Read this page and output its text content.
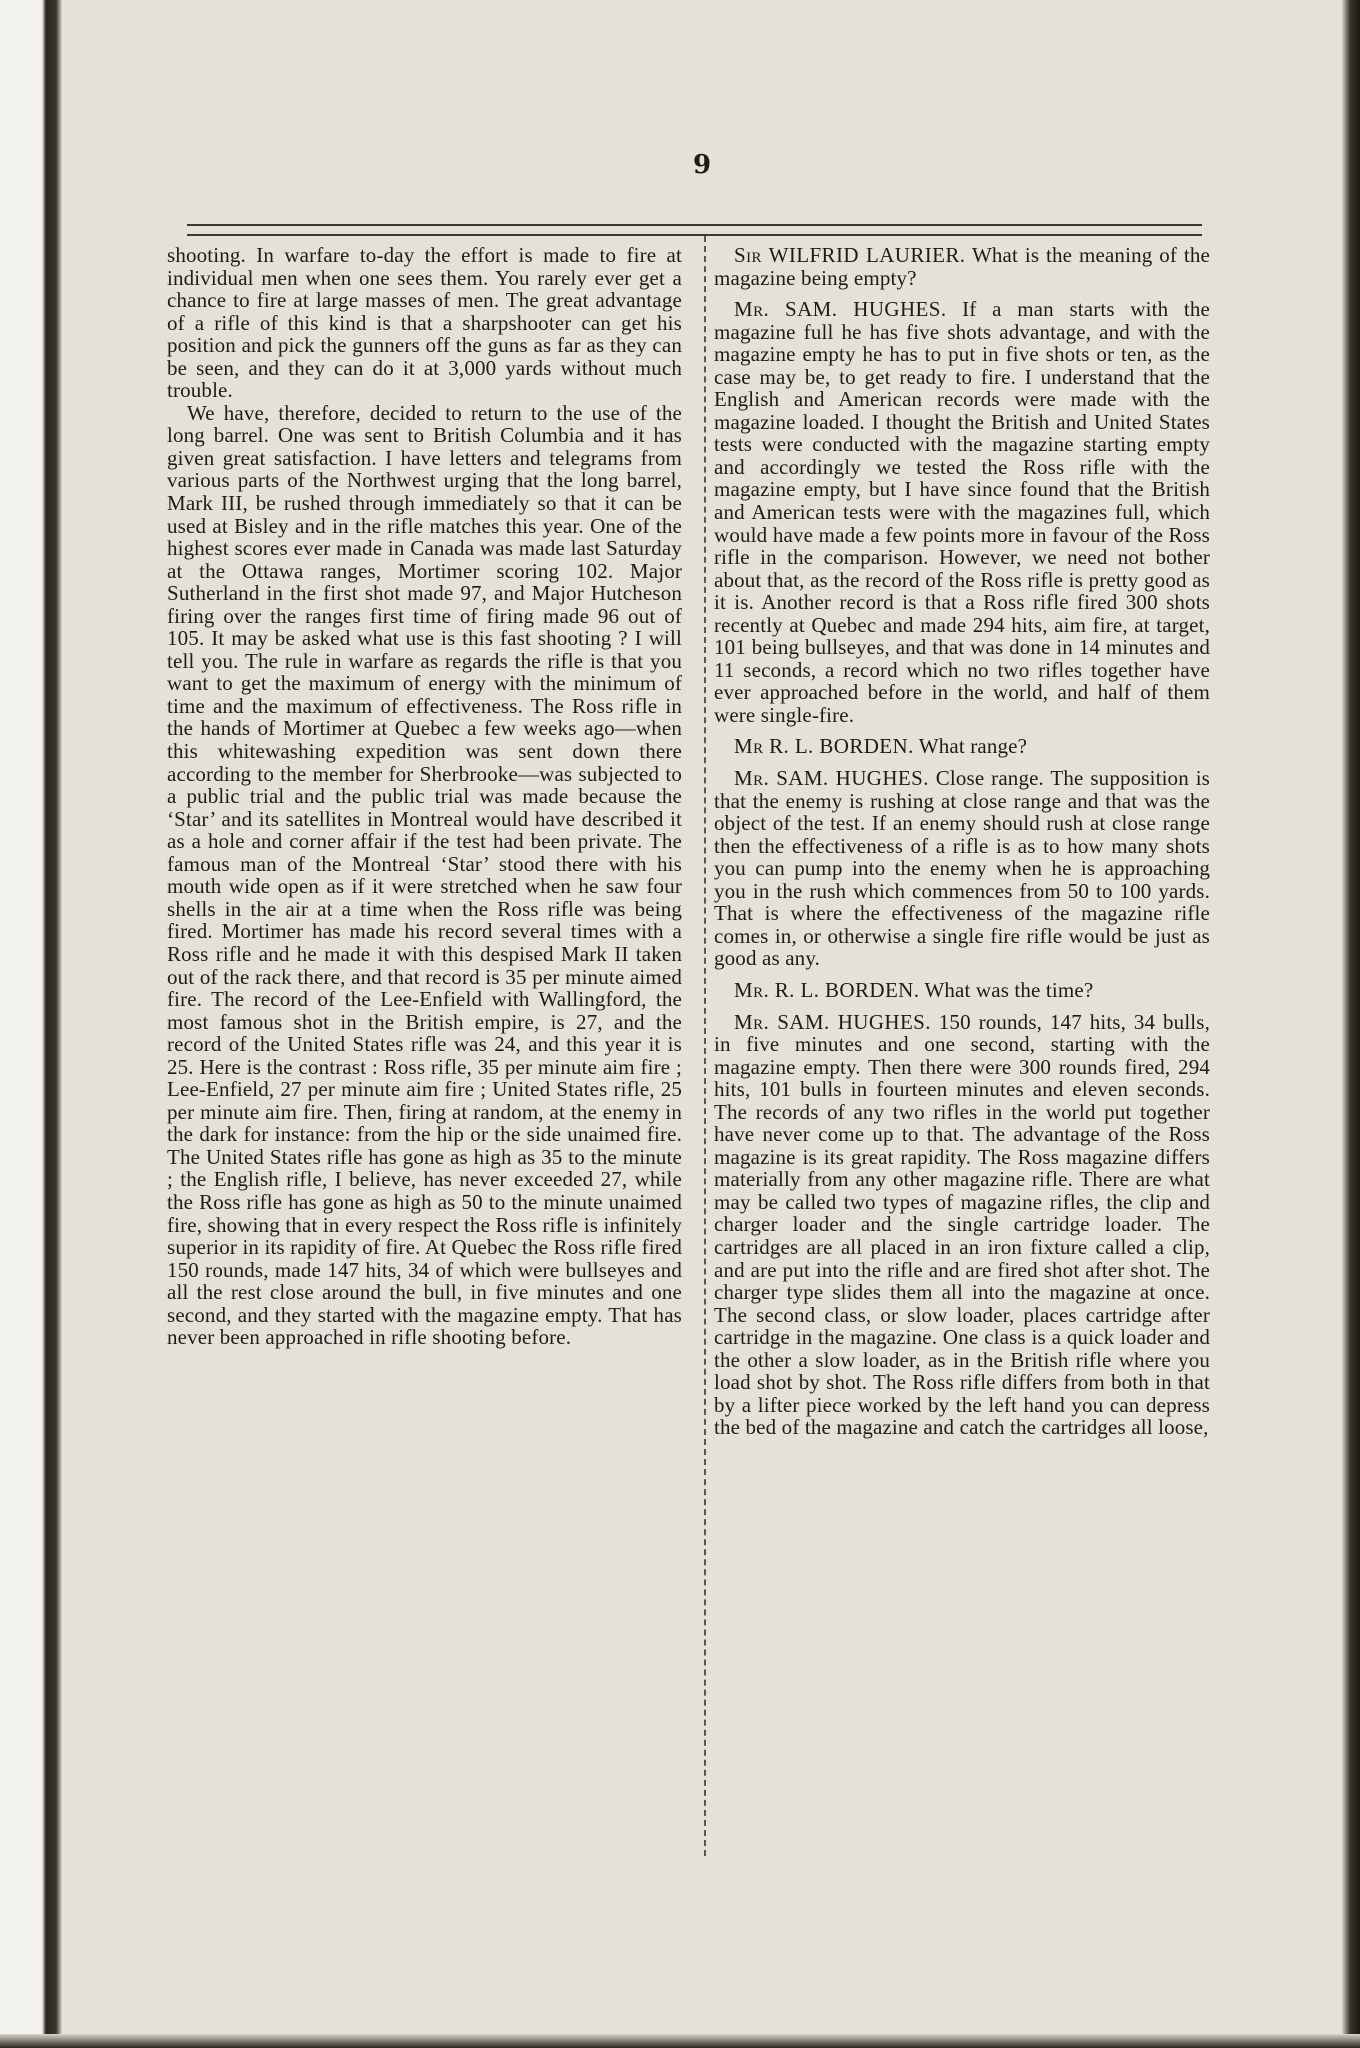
9

shooting. In warfare to-day the effort is made to fire at individual men when one sees them. You rarely ever get a chance to fire at large masses of men. The great advantage of a rifle of this kind is that a sharpshooter can get his position and pick the gunners off the guns as far as they can be seen, and they can do it at 3,000 yards without much trouble.

We have, therefore, decided to return to the use of the long barrel. One was sent to British Columbia and it has given great satisfaction. I have letters and telegrams from various parts of the Northwest urging that the long barrel, Mark III, be rushed through immediately so that it can be used at Bisley and in the rifle matches this year. One of the highest scores ever made in Canada was made last Saturday at the Ottawa ranges, Mortimer scoring 102. Major Sutherland in the first shot made 97, and Major Hutcheson firing over the ranges first time of firing made 96 out of 105. It may be asked what use is this fast shooting ? I will tell you. The rule in warfare as regards the rifle is that you want to get the maximum of energy with the minimum of time and the maximum of effectiveness. The Ross rifle in the hands of Mortimer at Quebec a few weeks ago—when this whitewashing expedition was sent down there according to the member for Sherbrooke—was subjected to a public trial and the public trial was made because the ‘Star’ and its satellites in Montreal would have described it as a hole and corner affair if the test had been private. The famous man of the Montreal ‘Star’ stood there with his mouth wide open as if it were stretched when he saw four shells in the air at a time when the Ross rifle was being fired. Mortimer has made his record several times with a Ross rifle and he made it with this despised Mark II taken out of the rack there, and that record is 35 per minute aimed fire. The record of the Lee-Enfield with Wallingford, the most famous shot in the British empire, is 27, and the record of the United States rifle was 24, and this year it is 25. Here is the contrast : Ross rifle, 35 per minute aim fire ; Lee-Enfield, 27 per minute aim fire ; United States rifle, 25 per minute aim fire. Then, firing at random, at the enemy in the dark for instance: from the hip or the side unaimed fire. The United States rifle has gone as high as 35 to the minute ; the English rifle, I believe, has never exceeded 27, while the Ross rifle has gone as high as 50 to the minute unaimed fire, showing that in every respect the Ross rifle is infinitely superior in its rapidity of fire. At Quebec the Ross rifle fired 150 rounds, made 147 hits, 34 of which were bullseyes and all the rest close around the bull, in five minutes and one second, and they started with the magazine empty. That has never been approached in rifle shooting before.

Sir WILFRID LAURIER. What is the meaning of the magazine being empty?

Mr. SAM. HUGHES. If a man starts with the magazine full he has five shots advantage, and with the magazine empty he has to put in five shots or ten, as the case may be, to get ready to fire. I understand that the English and American records were made with the magazine loaded. I thought the British and United States tests were conducted with the magazine starting empty and accordingly we tested the Ross rifle with the magazine empty, but I have since found that the British and American tests were with the magazines full, which would have made a few points more in favour of the Ross rifle in the comparison. However, we need not bother about that, as the record of the Ross rifle is pretty good as it is. Another record is that a Ross rifle fired 300 shots recently at Quebec and made 294 hits, aim fire, at target, 101 being bullseyes, and that was done in 14 minutes and 11 seconds, a record which no two rifles together have ever approached before in the world, and half of them were single-fire.

Mr R. L. BORDEN. What range?

Mr. SAM. HUGHES. Close range. The supposition is that the enemy is rushing at close range and that was the object of the test. If an enemy should rush at close range then the effectiveness of a rifle is as to how many shots you can pump into the enemy when he is approaching you in the rush which commences from 50 to 100 yards. That is where the effectiveness of the magazine rifle comes in, or otherwise a single fire rifle would be just as good as any.

Mr. R. L. BORDEN. What was the time?

Mr. SAM. HUGHES. 150 rounds, 147 hits, 34 bulls, in five minutes and one second, starting with the magazine empty. Then there were 300 rounds fired, 294 hits, 101 bulls in fourteen minutes and eleven seconds. The records of any two rifles in the world put together have never come up to that. The advantage of the Ross magazine is its great rapidity. The Ross magazine differs materially from any other magazine rifle. There are what may be called two types of magazine rifles, the clip and charger loader and the single cartridge loader. The cartridges are all placed in an iron fixture called a clip, and are put into the rifle and are fired shot after shot. The charger type slides them all into the magazine at once. The second class, or slow loader, places cartridge after cartridge in the magazine. One class is a quick loader and the other a slow loader, as in the British rifle where you load shot by shot. The Ross rifle differs from both in that by a lifter piece worked by the left hand you can depress the bed of the magazine and catch the cartridges all loose,
